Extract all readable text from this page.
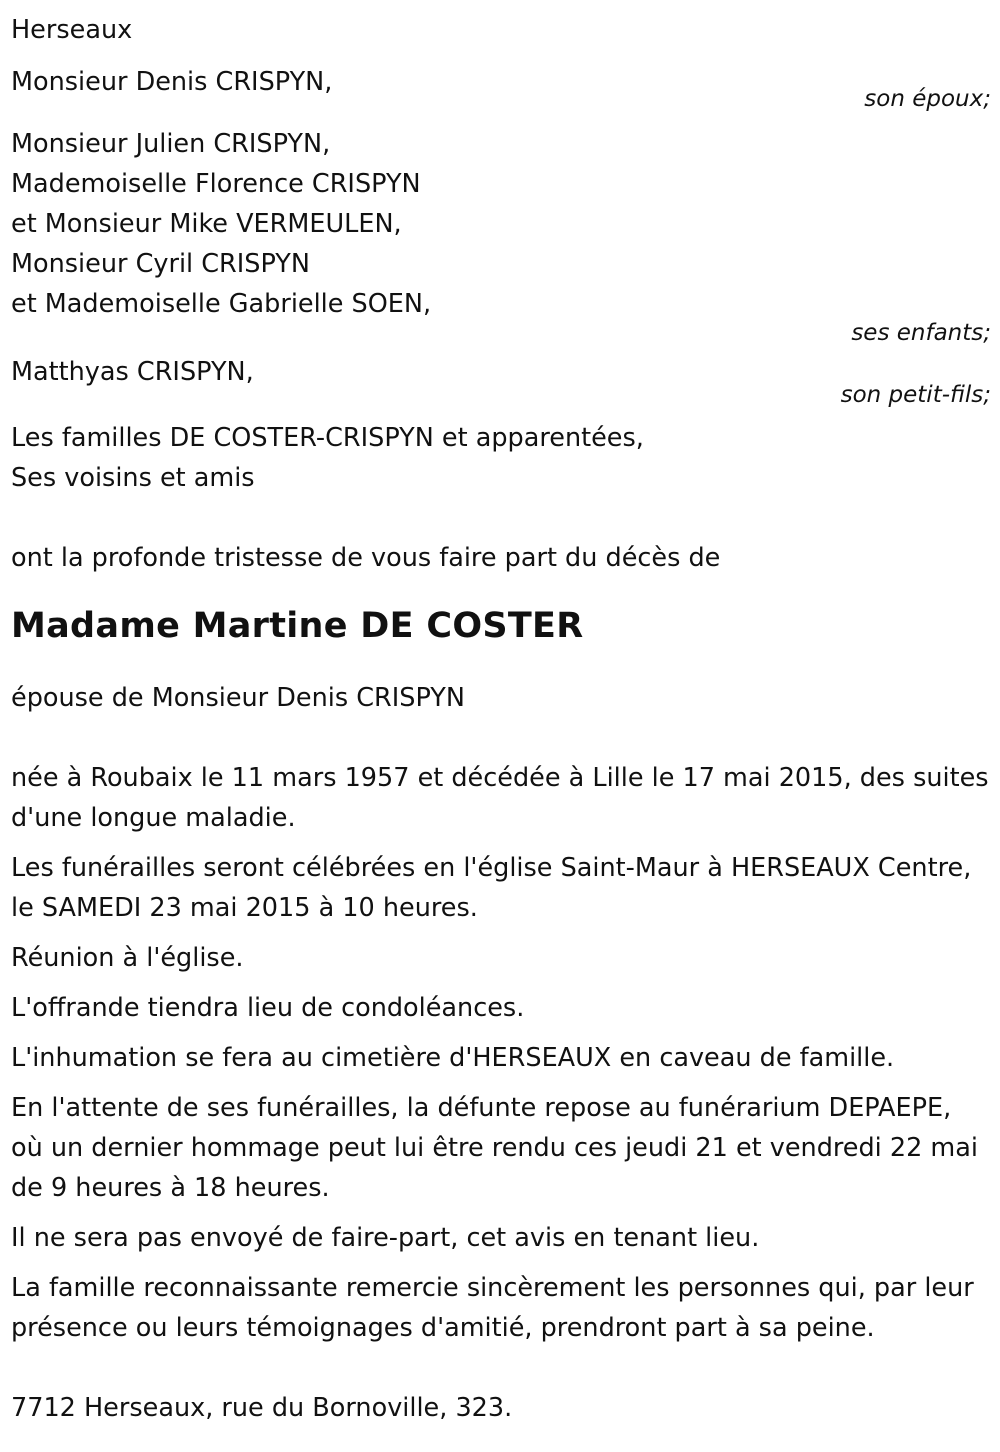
Herseaux

Monsieur Denis CRISPYN,

son époux;

Monsieur Julien CRISPYN,

Mademoiselle Florence CRISPYN

et Monsieur Mike VERMEULEN,

Monsieur Cyril CRISPYN

et Mademoiselle Gabrielle SOEN,

ses enfants;

Matthyas CRISPYN,

son petit-fils;

Les familles DE COSTER-CRISPYN et apparentées,

Ses voisins et amis

ont la profonde tristesse de vous faire part du décès de

Madame Martine DE COSTER

épouse de Monsieur Denis CRISPYN

née à Roubaix le 11 mars 1957 et décédée à Lille le 17 mai 2015, des suites d'une longue maladie.

Les funérailles seront célébrées en l'église Saint-Maur à HERSEAUX Centre, le SAMEDI 23 mai 2015 à 10 heures.

Réunion à l'église.

L'offrande tiendra lieu de condoléances.

L'inhumation se fera au cimetière d'HERSEAUX en caveau de famille.

En l'attente de ses funérailles, la défunte repose au funérarium DEPAEPE, où un dernier hommage peut lui être rendu ces jeudi 21 et vendredi 22 mai de 9 heures à 18 heures.

Il ne sera pas envoyé de faire-part, cet avis en tenant lieu.

La famille reconnaissante remercie sincèrement les personnes qui, par leur présence ou leurs témoignages d'amitié, prendront part à sa peine.

7712 Herseaux, rue du Bornoville, 323.
